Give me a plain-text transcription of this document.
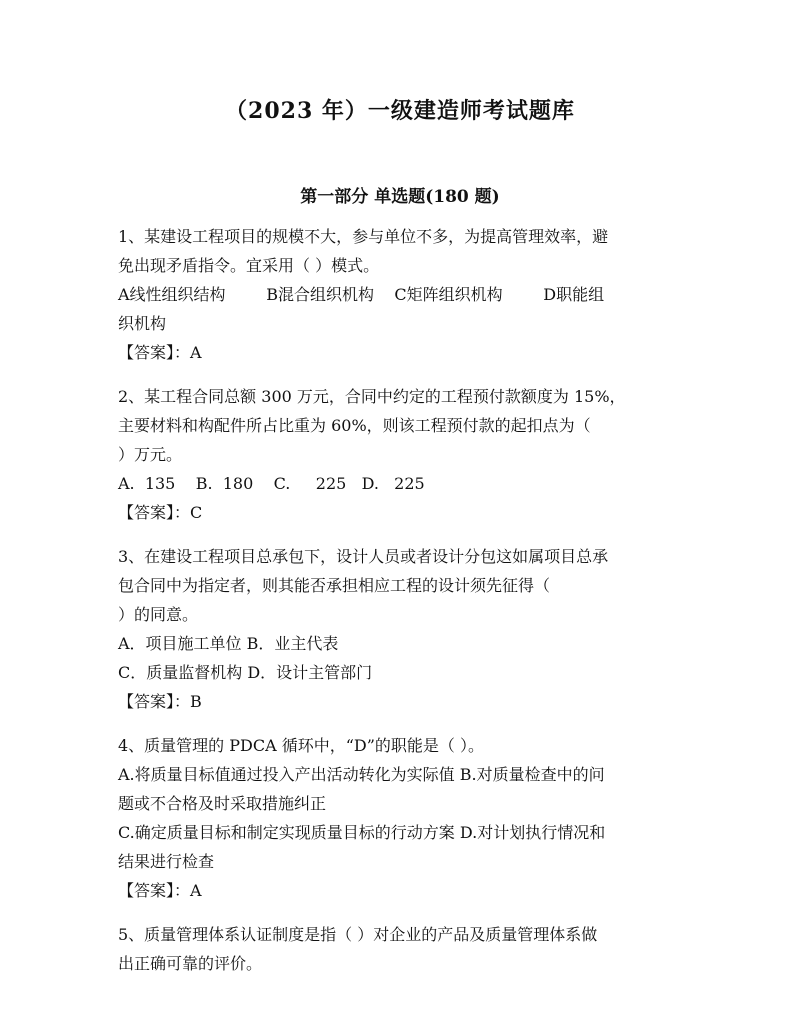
（2023 年）一级建造师考试题库
第一部分 单选题(180 题)
1、某建设工程项目的规模不大，参与单位不多，为提高管理效率，避
免出现矛盾指令。宜采用（ ）模式。
A线性组织结构        B混合组织机构    C矩阵组织机构        D职能组
织机构
【答案】：A
2、某工程合同总额 300 万元，合同中约定的工程预付款额度为 15%，
主要材料和构配件所占比重为 60%，则该工程预付款的起扣点为（
）万元。
A.  135    B.  180    C.     225   D.   225
【答案】：C
3、在建设工程项目总承包下，设计人员或者设计分包这如属项目总承
包合同中为指定者，则其能否承担相应工程的设计须先征得（
）的同意。
A．项目施工单位 B．业主代表
C．质量监督机构 D．设计主管部门
【答案】：B
4、质量管理的 PDCA 循环中，“D”的职能是（ ）。
A.将质量目标值通过投入产出活动转化为实际值 B.对质量检查中的问
题或不合格及时采取措施纠正
C.确定质量目标和制定实现质量目标的行动方案 D.对计划执行情况和
结果进行检查
【答案】：A
5、质量管理体系认证制度是指（ ）对企业的产品及质量管理体系做
出正确可靠的评价。
